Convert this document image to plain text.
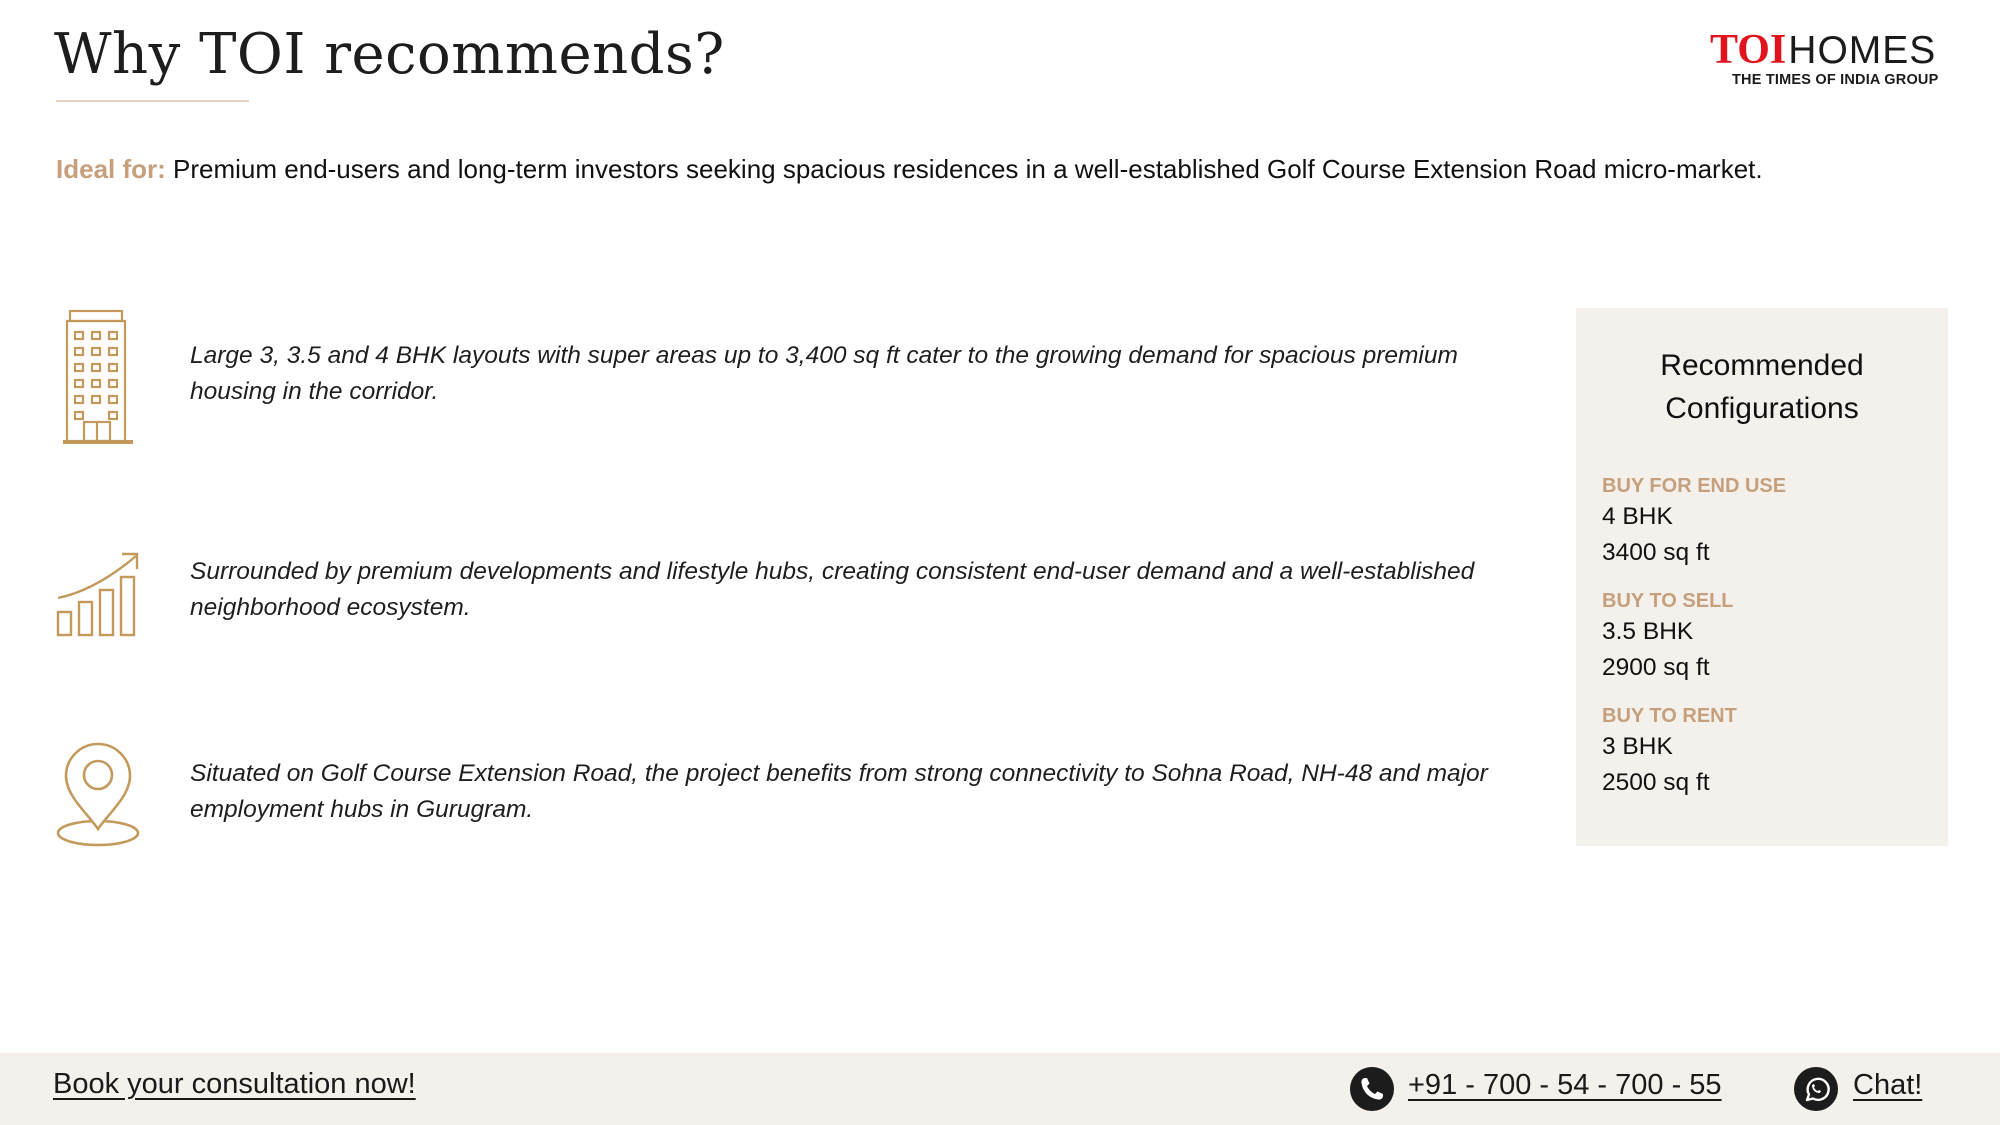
Why TOI recommends?	TOIHOMES
THE TIMES OF INDIA GROUP
Ideal for: Premium end-users and long-term investors seeking spacious residences in a well-established Golf Course Extension Road micro-market.
Large 3, 3.5 and 4 BHK layouts with super areas up to 3,400 sq ft cater to the growing demand for spacious premium housing in the corridor.
Surrounded by premium developments and lifestyle hubs, creating consistent end-user demand and a well-established neighborhood ecosystem.
Situated on Golf Course Extension Road, the project benefits from strong connectivity to Sohna Road, NH-48 and major employment hubs in Gurugram.
Recommended
Configurations
BUY FOR END USE
4 BHK
3400 sq ft
BUY TO SELL
3.5 BHK
2900 sq ft
BUY TO RENT
3 BHK
2500 sq ft
Book your consultation now!	+91 - 700 - 54 - 700 - 55	Chat!
